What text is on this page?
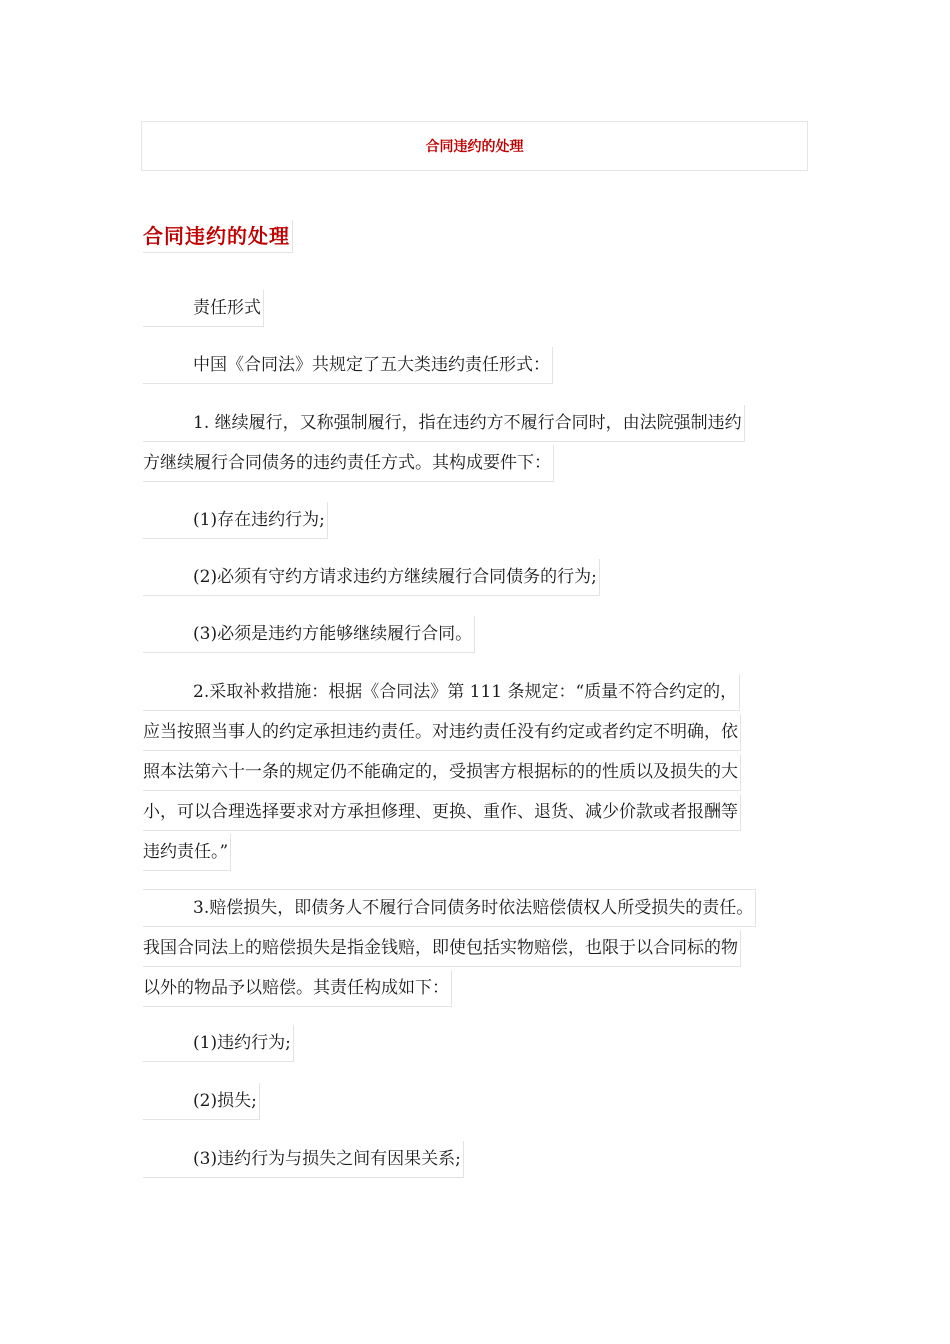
合同违约的处理
合同违约的处理
责任形式
中国《合同法》共规定了五大类违约责任形式：
1. 继续履行，又称强制履行，指在违约方不履行合同时，由法院强制违约
方继续履行合同债务的违约责任方式。其构成要件下：
(1)存在违约行为;
(2)必须有守约方请求违约方继续履行合同债务的行为;
(3)必须是违约方能够继续履行合同。
2.采取补救措施：根据《合同法》第 111 条规定：“质量不符合约定的，
应当按照当事人的约定承担违约责任。对违约责任没有约定或者约定不明确，依
照本法第六十一条的规定仍不能确定的，受损害方根据标的的性质以及损失的大
小，可以合理选择要求对方承担修理、更换、重作、退货、减少价款或者报酬等
违约责任。”
3.赔偿损失，即债务人不履行合同债务时依法赔偿债权人所受损失的责任。
我国合同法上的赔偿损失是指金钱赔，即使包括实物赔偿，也限于以合同标的物
以外的物品予以赔偿。其责任构成如下：
(1)违约行为;
(2)损失;
(3)违约行为与损失之间有因果关系;
